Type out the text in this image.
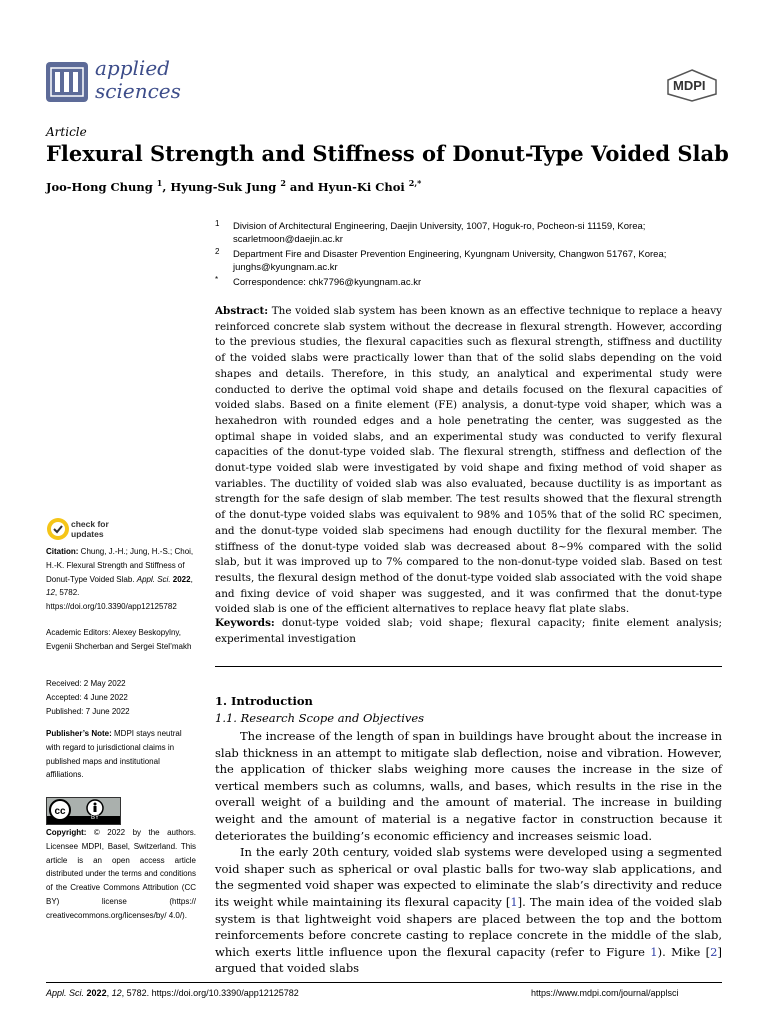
applied
sciences	MDPI
Article
Flexural Strength and Stiffness of Donut-Type Voided Slab
Joo-Hong Chung $^1$, Hyung-Suk Jung $^2$ and Hyun-Ki Choi $^{2,*}$
1 Division of Architectural Engineering, Daejin University, 1007, Hoguk-ro, Pocheon-si 11159, Korea; scarletmoon@daejin.ac.kr
2 Department Fire and Disaster Prevention Engineering, Kyungnam University, Changwon 51767, Korea; junghs@kyungnam.ac.kr
* Correspondence: chk7796@kyungnam.ac.kr
Abstract: The voided slab system has been known as an effective technique to replace a heavy reinforced concrete slab system without the decrease in flexural strength. However, according to the previous studies, the flexural capacities such as flexural strength, stiffness and ductility of the voided slabs were practically lower than that of the solid slabs depending on the void shapes and details. Therefore, in this study, an analytical and experimental study were conducted to derive the optimal void shape and details focused on the flexural capacities of voided slabs. Based on a finite element (FE) analysis, a donut-type void shaper, which was a hexahedron with rounded edges and a hole penetrating the center, was suggested as the optimal shape in voided slabs, and an experimental study was conducted to verify flexural capacities of the donut-type voided slab. The flexural strength, stiffness and deflection of the donut-type voided slab were investigated by void shape and fixing method of void shaper as variables. The ductility of voided slab was also evaluated, because ductility is as important as strength for the safe design of slab member. The test results showed that the flexural strength of the donut-type voided slabs was equivalent to 98% and 105% that of the solid RC specimen, and the donut-type voided slab specimens had enough ductility for the flexural member. The stiffness of the donut-type voided slab was decreased about 8~9% compared with the solid slab, but it was improved up to 7% compared to the non-donut-type voided slab. Based on test results, the flexural design method of the donut-type voided slab associated with the void shape and fixing device of void shaper was suggested, and it was confirmed that the donut-type voided slab is one of the efficient alternatives to replace heavy flat plate slabs.
Keywords: donut-type voided slab; void shape; flexural capacity; finite element analysis; experimental investigation
check for
updates
Citation: Chung, J.-H.; Jung, H.-S.; Choi, H.-K. Flexural Strength and Stiffness of Donut-Type Voided Slab. Appl. Sci. 2022, 12, 5782. https://doi.org/10.3390/app12125782
Academic Editors: Alexey Beskopylny, Evgenii Shcherban and Sergei Stel’makh
Received: 2 May 2022
Accepted: 4 June 2022
Published: 7 June 2022
Publisher’s Note: MDPI stays neutral with regard to jurisdictional claims in published maps and institutional affiliations.
cc
BY
Copyright: © 2022 by the authors. Licensee MDPI, Basel, Switzerland. This article is an open access article distributed under the terms and conditions of the Creative Commons Attribution (CC BY) license (https:// creativecommons.org/licenses/by/ 4.0/).
1. Introduction
1.1. Research Scope and Objectives

The increase of the length of span in buildings have brought about the increase in slab thickness in an attempt to mitigate slab deflection, noise and vibration. However, the application of thicker slabs weighing more causes the increase in the size of vertical members such as columns, walls, and bases, which results in the rise in the overall weight of a building and the amount of material. The increase in building weight and the amount of material is a negative factor in construction because it deteriorates the building’s economic efficiency and increases seismic load.

In the early 20th century, voided slab systems were developed using a segmented void shaper such as spherical or oval plastic balls for two-way slab applications, and the segmented void shaper was expected to eliminate the slab’s directivity and reduce its weight while maintaining its flexural capacity [1]. The main idea of the voided slab system is that lightweight void shapers are placed between the top and the bottom reinforcements before concrete casting to replace concrete in the middle of the slab, which exerts little influence upon the flexural capacity (refer to Figure 1). Mike [2] argued that voided slabs

Appl. Sci. 2022, 12, 5782. https://doi.org/10.3390/app12125782	https://www.mdpi.com/journal/applsci
